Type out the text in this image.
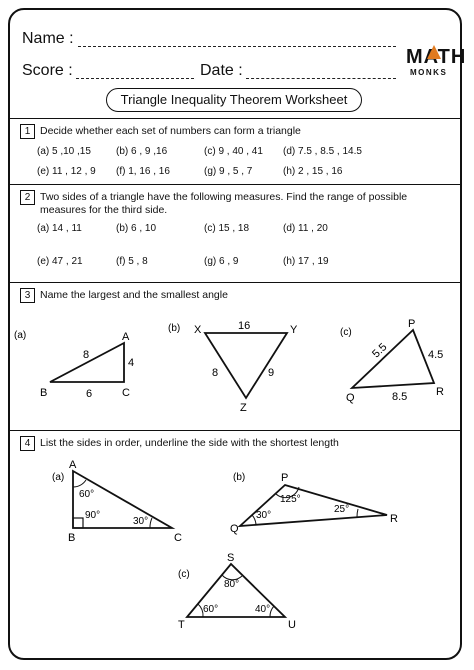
Name :
Score :	Date :
MATH
MONKS
Triangle Inequality Theorem Worksheet
1 Decide whether each set of numbers can form a triangle
(a) 5 ,10 ,15	(b) 6 , 9 ,16	(c) 9 , 40 , 41 (d) 7.5 , 8.5 , 14.5
(e) 11 , 12 , 9 (f) 1, 16 , 16	(g) 9 , 5 , 7	(h) 2 , 15 , 16
2 Two sides of a triangle have the following measures. Find the range of possible measures for the third side.
(a) 14 , 11	(b) 6 , 10	(c) 15 , 18	(d) 11 , 20
(e) 47 , 21	(f) 5 , 8	(g) 6 , 9	(h) 17 , 19
3 Name the largest and the smallest angle
(a)	A
B	C
8
4
6
(b) X	Y
Z
16
8	9
(c)
P
Q	R
5.5	4.5
8.5
4 List the sides in order, underline the side with the shortest length
(a)
A
B	C
60°
90°
30°
(b)	P
Q
R
125°
30°
25°
(c)
S
T	U
80°
60°	40°
